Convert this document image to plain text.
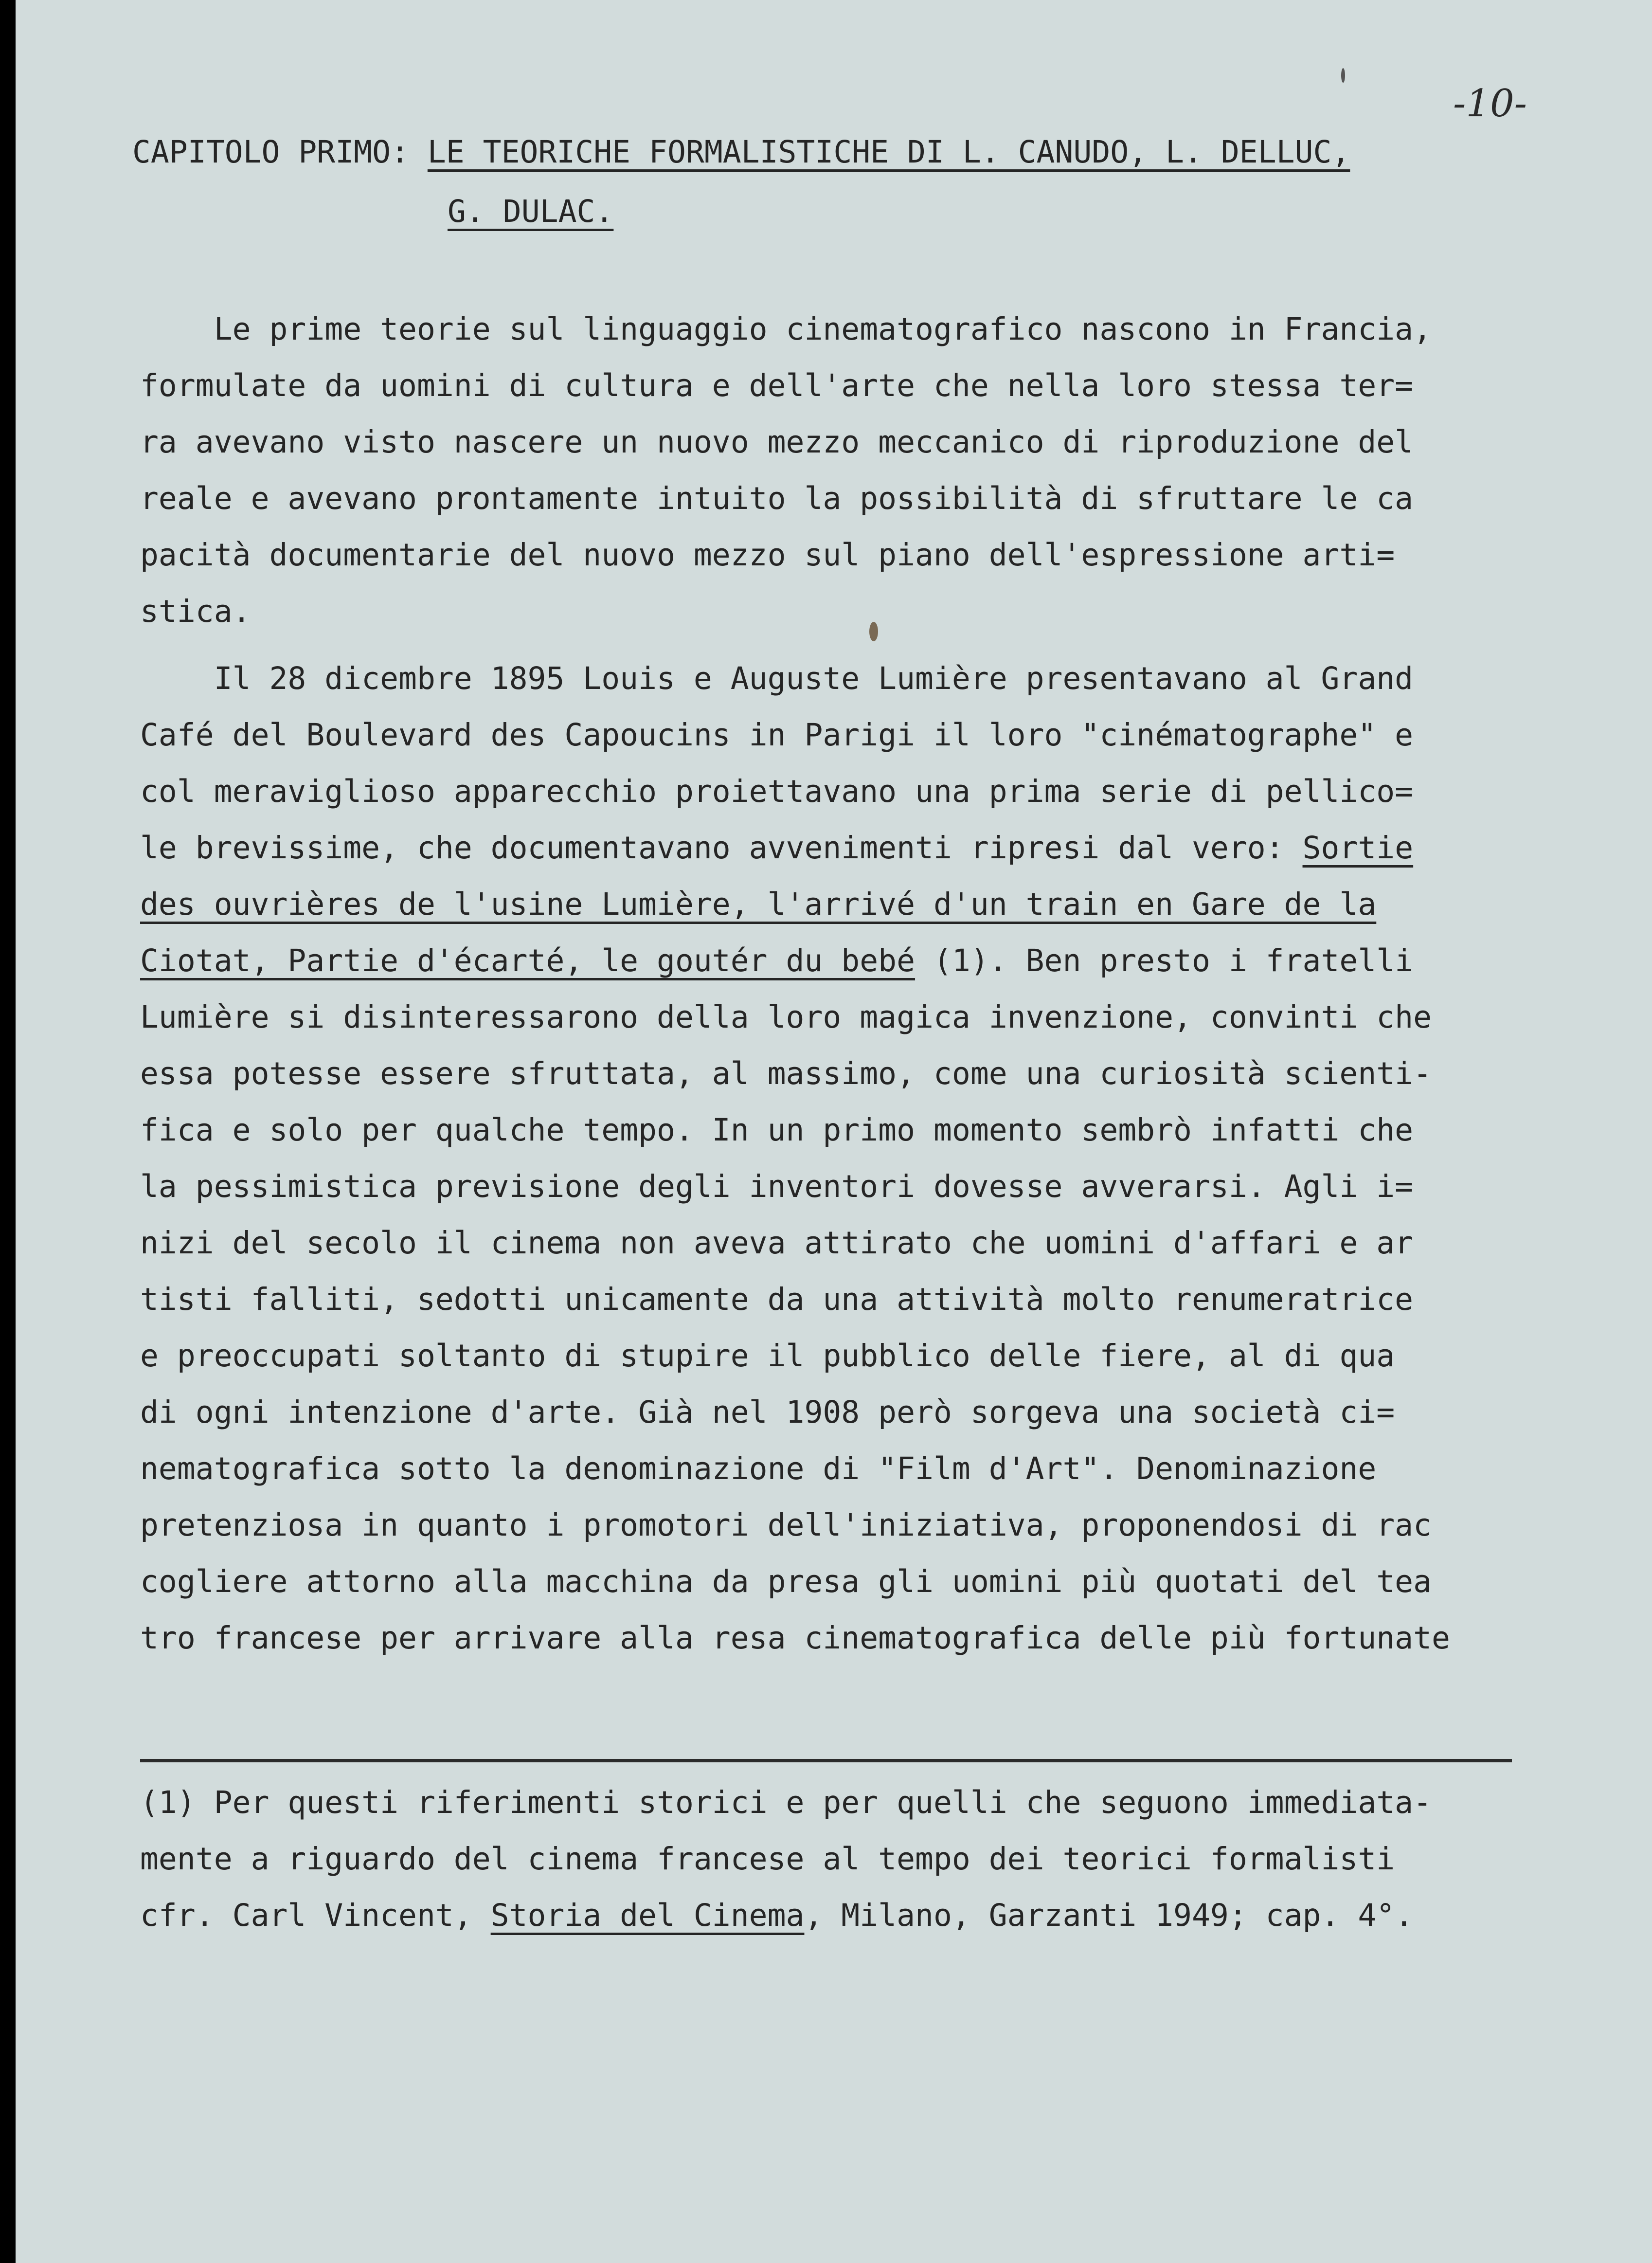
-10-
CAPITOLO PRIMO: LE TEORICHE FORMALISTICHE DI L. CANUDO, L. DELLUC,
G. DULAC.
Le prime teorie sul linguaggio cinematografico nascono in Francia,
formulate da uomini di cultura e dell'arte che nella loro stessa ter=
ra avevano visto nascere un nuovo mezzo meccanico di riproduzione del
reale e avevano prontamente intuito la possibilità di sfruttare le ca
pacità documentarie del nuovo mezzo sul piano dell'espressione arti=
stica.
Il 28 dicembre 1895 Louis e Auguste Lumière presentavano al Grand
Café del Boulevard des Capoucins in Parigi il loro "cinématographe" e
col meraviglioso apparecchio proiettavano una prima serie di pellico=
le brevissime, che documentavano avvenimenti ripresi dal vero: Sortie
des ouvrières de l'usine Lumière, l'arrivé d'un train en Gare de la
Ciotat, Partie d'écarté, le goutér du bebé (1). Ben presto i fratelli
Lumière si disinteressarono della loro magica invenzione, convinti che
essa potesse essere sfruttata, al massimo, come una curiosità scienti-
fica e solo per qualche tempo. In un primo momento sembrò infatti che
la pessimistica previsione degli inventori dovesse avverarsi. Agli i=
nizi del secolo il cinema non aveva attirato che uomini d'affari e ar
tisti falliti, sedotti unicamente da una attività molto renumeratrice
e preoccupati soltanto di stupire il pubblico delle fiere, al di qua
di ogni intenzione d'arte. Già nel 1908 però sorgeva una società ci=
nematografica sotto la denominazione di "Film d'Art". Denominazione
pretenziosa in quanto i promotori dell'iniziativa, proponendosi di rac
cogliere attorno alla macchina da presa gli uomini più quotati del tea
tro francese per arrivare alla resa cinematografica delle più fortunate
(1) Per questi riferimenti storici e per quelli che seguono immediata-
mente a riguardo del cinema francese al tempo dei teorici formalisti
cfr. Carl Vincent, Storia del Cinema, Milano, Garzanti 1949; cap. 4°.
